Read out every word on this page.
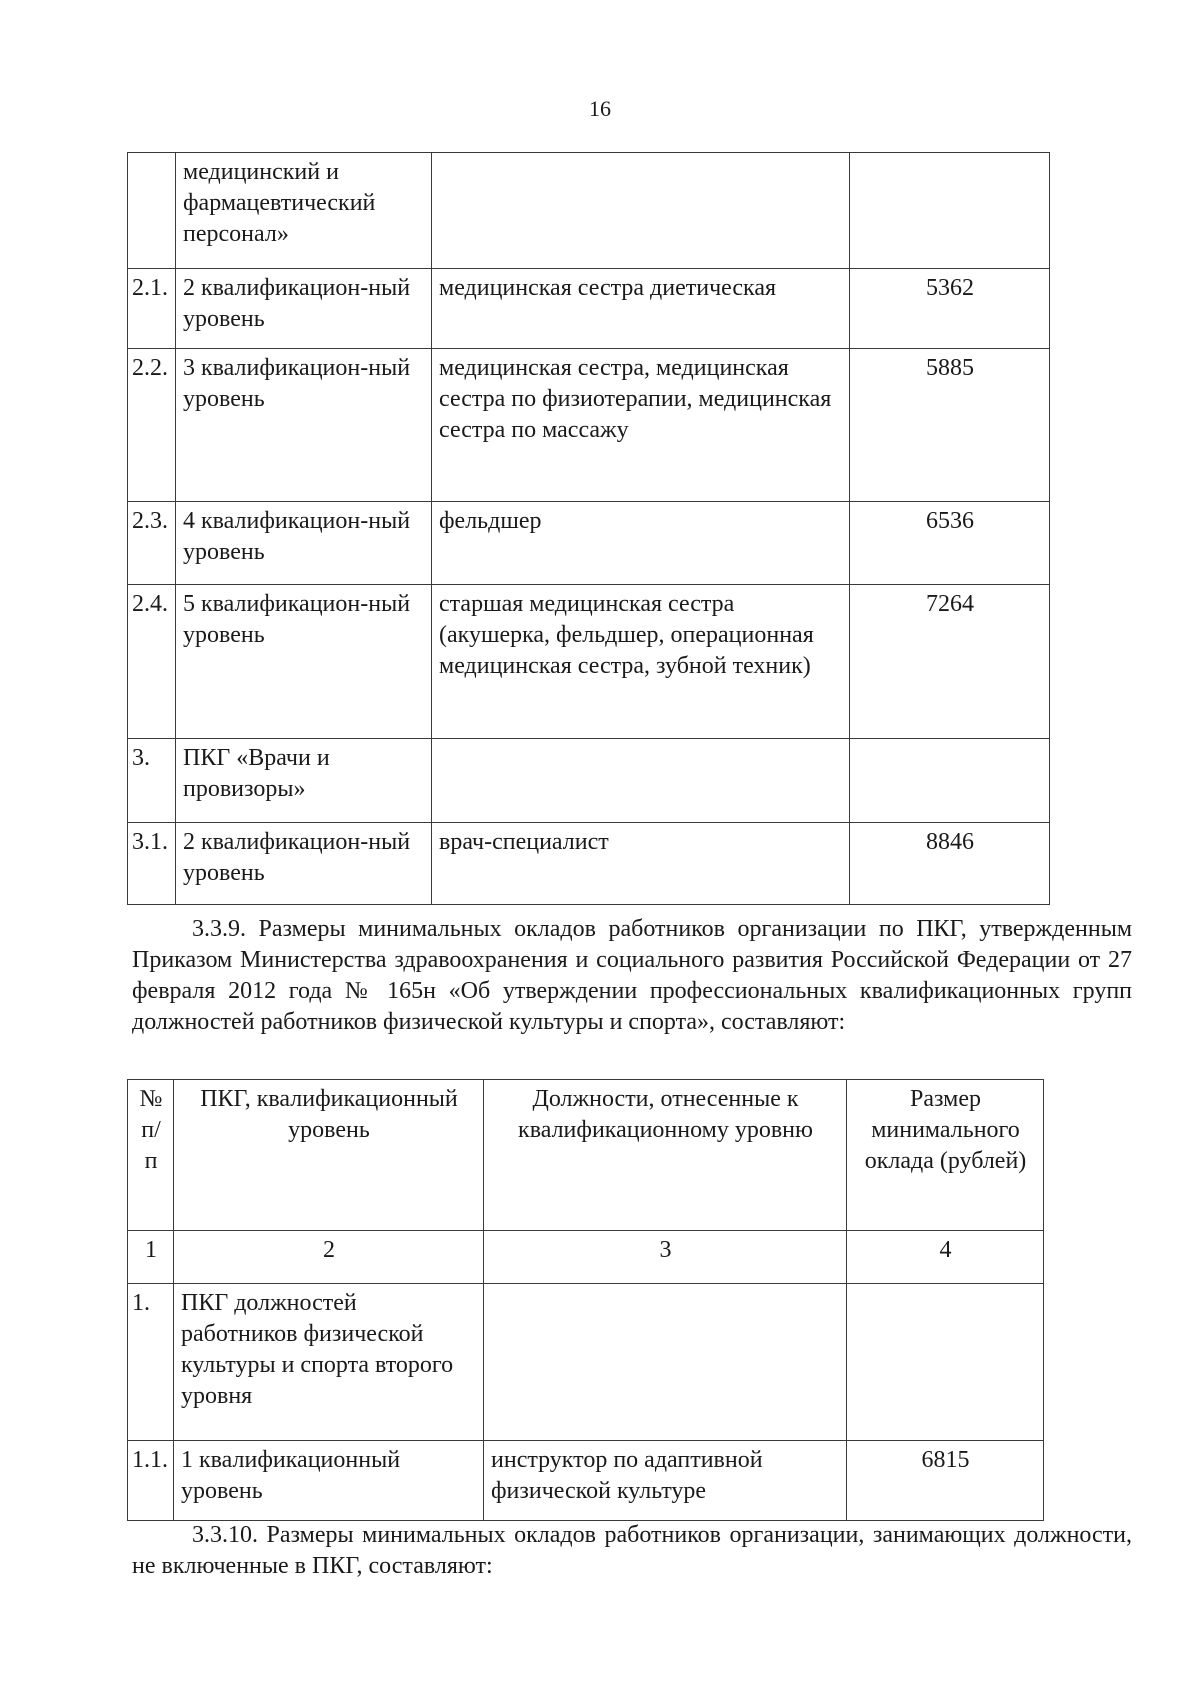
16
	медицинский и фармацевтический персонал»		
2.1.	2 квалификацион-ный уровень	медицинская сестра диетическая	5362
2.2.	3 квалификацион-ный уровень	медицинская сестра, медицинская сестра по физиотерапии, медицинская сестра по массажу	5885
2.3.	4 квалификацион-ный уровень	фельдшер	6536
2.4.	5 квалификацион-ный уровень	старшая медицинская сестра (акушерка, фельдшер, операционная медицинская сестра, зубной техник)	7264
3.	ПКГ «Врачи и провизоры»		
3.1.	2 квалификацион-ный уровень	врач-специалист	8846

3.3.9. Размеры минимальных окладов работников организации по ПКГ, утвержденным Приказом Министерства здравоохранения и социального развития Российской Федерации от 27 февраля 2012 года № 165н «Об утверждении профессиональных квалификационных групп должностей работников физической культуры и спорта», составляют:

№ п/п	ПКГ, квалификационный уровень	Должности, отнесенные к квалификационному уровню	Размер минимального оклада (рублей)
1	2	3	4
1.	ПКГ должностей работников физической культуры и спорта второго уровня		
1.1.	1 квалификационный уровень	инструктор по адаптивной физической культуре	6815

3.3.10. Размеры минимальных окладов работников организации, занимающих должности, не включенные в ПКГ, составляют:
